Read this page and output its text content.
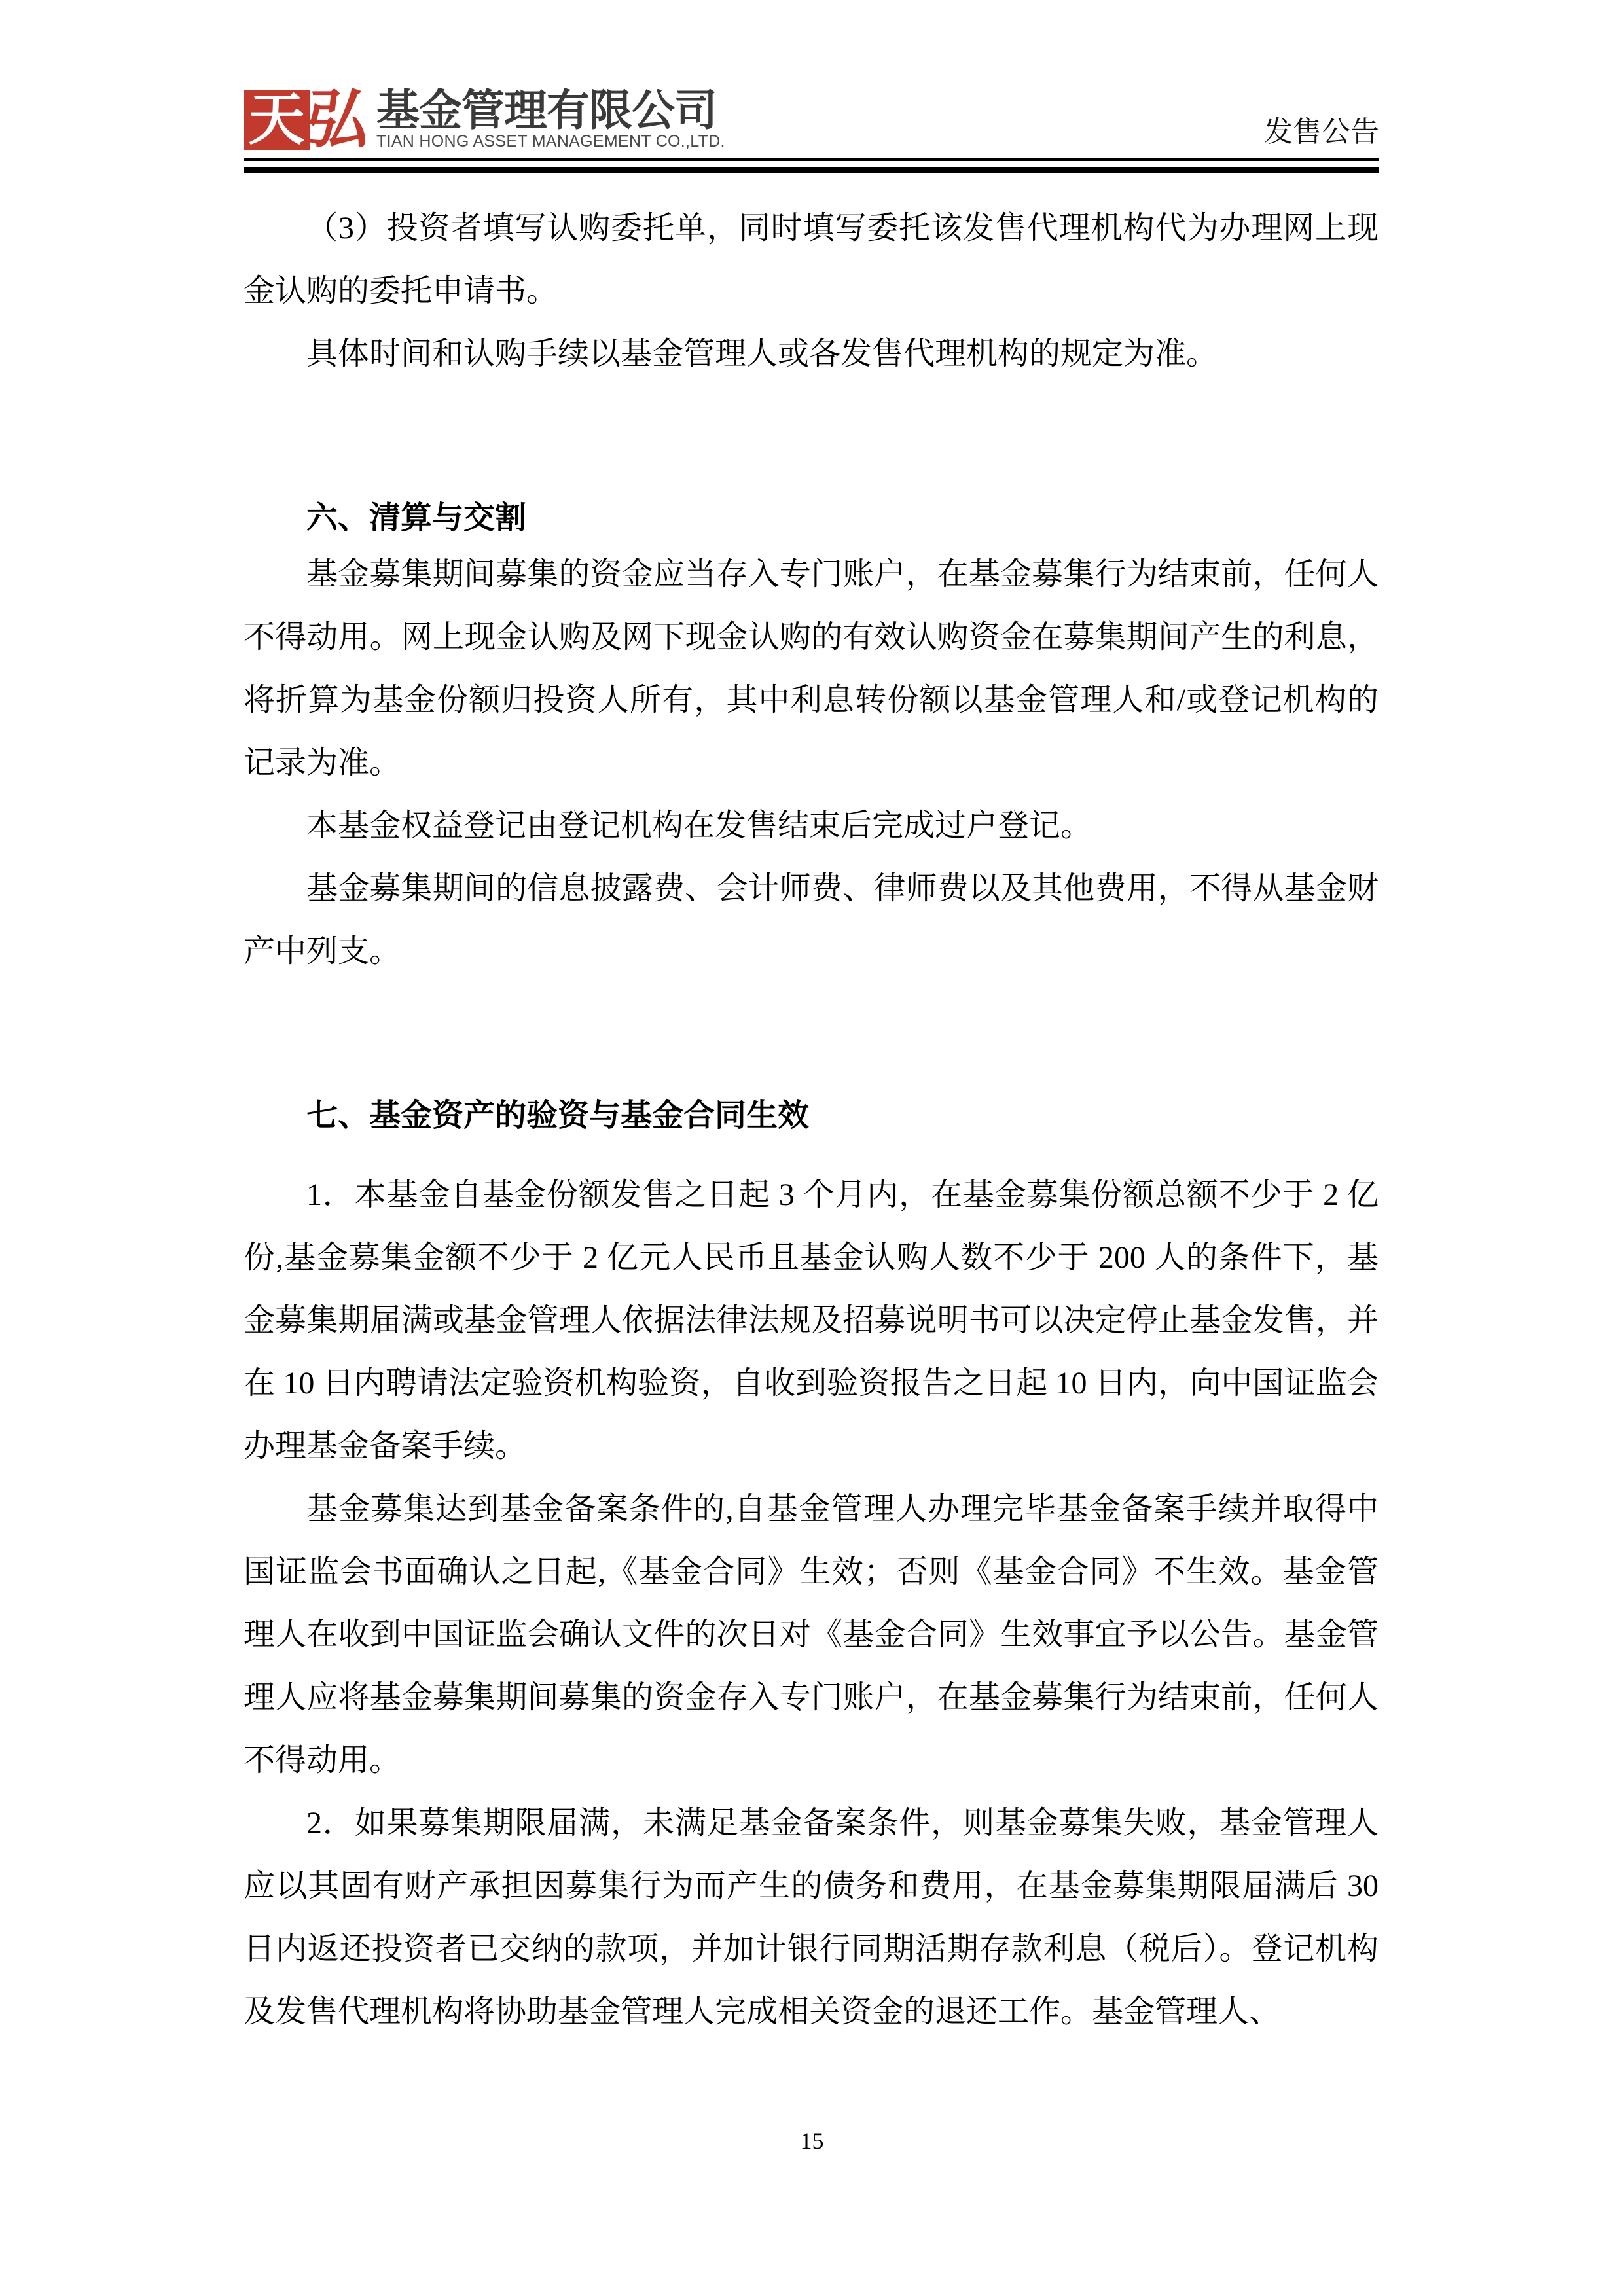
天
弘 基金管理有限公司
TIAN HONG ASSET MANAGEMENT CO.,LTD.	发售公告

（3）投资者填写认购委托单，同时填写委托该发售代理机构代为办理网上现金认购的委托申请书。

具体时间和认购手续以基金管理人或各发售代理机构的规定为准。

六、清算与交割

基金募集期间募集的资金应当存入专门账户，在基金募集行为结束前，任何人不得动用。网上现金认购及网下现金认购的有效认购资金在募集期间产生的利息，将折算为基金份额归投资人所有，其中利息转份额以基金管理人和/或登记机构的记录为准。

本基金权益登记由登记机构在发售结束后完成过户登记。

基金募集期间的信息披露费、会计师费、律师费以及其他费用，不得从基金财产中列支。

七、基金资产的验资与基金合同生效

1．本基金自基金份额发售之日起 3 个月内，在基金募集份额总额不少于 2 亿份,基金募集金额不少于 2 亿元人民币且基金认购人数不少于 200 人的条件下，基金募集期届满或基金管理人依据法律法规及招募说明书可以决定停止基金发售，并在 10 日内聘请法定验资机构验资，自收到验资报告之日起 10 日内，向中国证监会办理基金备案手续。

基金募集达到基金备案条件的,自基金管理人办理完毕基金备案手续并取得中国证监会书面确认之日起,《基金合同》生效；否则《基金合同》不生效。基金管理人在收到中国证监会确认文件的次日对《基金合同》生效事宜予以公告。基金管理人应将基金募集期间募集的资金存入专门账户，在基金募集行为结束前，任何人不得动用。

2．如果募集期限届满，未满足基金备案条件，则基金募集失败，基金管理人应以其固有财产承担因募集行为而产生的债务和费用，在基金募集期限届满后 30 日内返还投资者已交纳的款项，并加计银行同期活期存款利息（税后）。登记机构及发售代理机构将协助基金管理人完成相关资金的退还工作。基金管理人、

15
